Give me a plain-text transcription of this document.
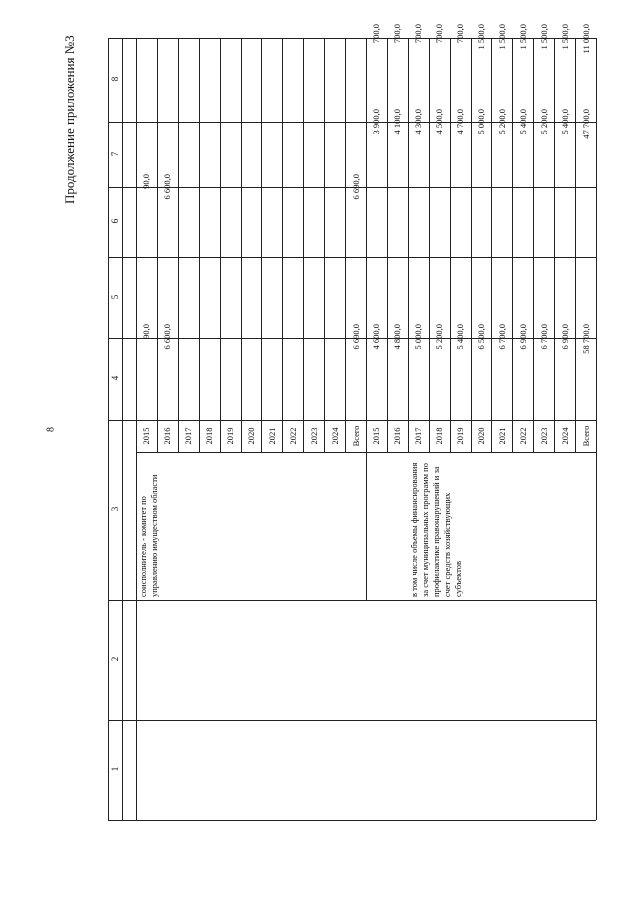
8
Продолжение приложения №3
1
2
3
4
5
6
7
8
2015
90,0
90,0
2016
6 600,0
6 600,0
2017 2018 2019 2020 2021 2022 2023 2024 Всего
6 690,0
6 690,0
2015
4 600,0
3 900,0
700,0
2016
4 800,0
4 100,0
700,0
2017
5 000,0
4 300,0
700,0
2018
5 200,0
4 500,0
700,0
2019
5 400,0
4 700,0
700,0
2020
6 500,0
5 000,0
1 500,0
2021
6 700,0
5 200,0
1 500,0
2022
6 900,0
5 400,0
1 500,0
2023
6 700,0
5 200,0
1 500,0
2024
6 900,0
5 400,0
1 500,0
Всего
58 700,0
47 700,0
11 000,0
соисполнитель - комитет по управлению имуществом области	в том числе объемы финансирования за счет муниципальных программ по профилактике правонарушений и за счет средств хозяйствующих субъектов
